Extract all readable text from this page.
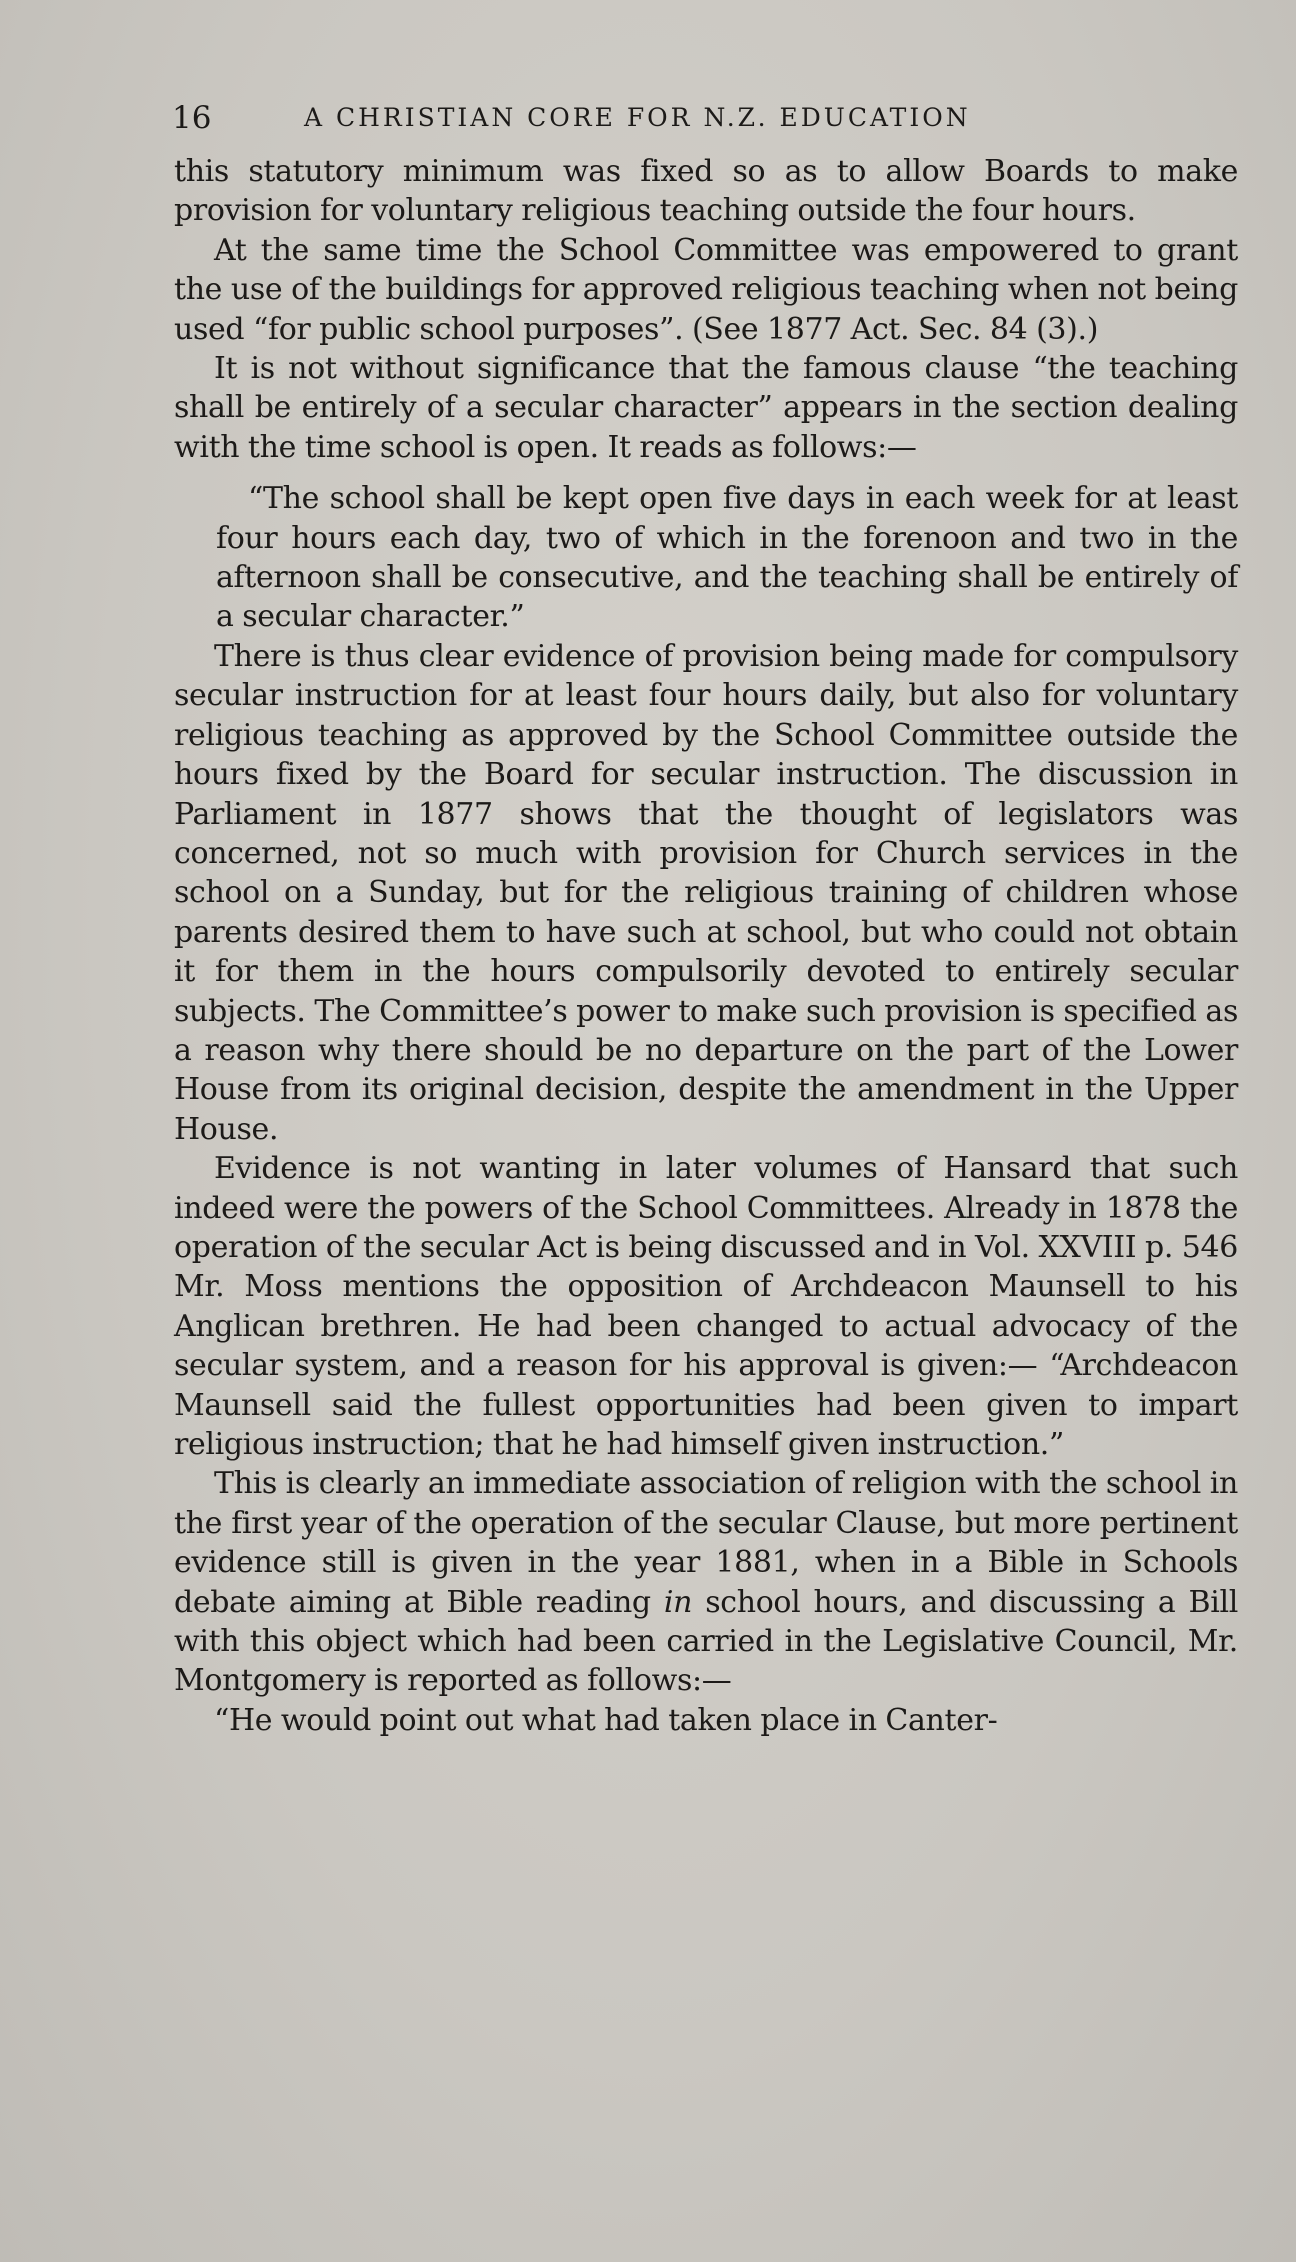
16	A CHRISTIAN CORE FOR N.Z. EDUCATION

this statutory minimum was fixed so as to allow Boards to make provision for voluntary religious teaching outside the four hours.

At the same time the School Committee was empowered to grant the use of the buildings for approved religious teaching when not being used “for public school purposes”. (See 1877 Act. Sec. 84 (3).)

It is not without significance that the famous clause “the teaching shall be entirely of a secular character” appears in the section dealing with the time school is open. It reads as follows:—

“The school shall be kept open five days in each week for at least four hours each day, two of which in the forenoon and two in the afternoon shall be consecutive, and the teaching shall be entirely of a secular character.”

There is thus clear evidence of provision being made for compulsory secular instruction for at least four hours daily, but also for voluntary religious teaching as approved by the School Committee outside the hours fixed by the Board for secular instruction. The discussion in Parliament in 1877 shows that the thought of legislators was concerned, not so much with provision for Church services in the school on a Sunday, but for the religious training of children whose parents desired them to have such at school, but who could not obtain it for them in the hours compulsorily devoted to entirely secular subjects. The Committee’s power to make such provision is specified as a reason why there should be no departure on the part of the Lower House from its original decision, despite the amendment in the Upper House.

Evidence is not wanting in later volumes of Hansard that such indeed were the powers of the School Committees. Already in 1878 the operation of the secular Act is being discussed and in Vol. XXVIII p. 546 Mr. Moss mentions the opposition of Archdeacon Maunsell to his Anglican brethren. He had been changed to actual advocacy of the secular system, and a reason for his approval is given:— “Archdeacon Maunsell said the fullest opportunities had been given to impart religious instruction; that he had himself given instruction.”

This is clearly an immediate association of religion with the school in the first year of the operation of the secular Clause, but more pertinent evidence still is given in the year 1881, when in a Bible in Schools debate aiming at Bible reading in school hours, and discussing a Bill with this object which had been carried in the Legislative Council, Mr. Montgomery is reported as follows:—

“He would point out what had taken place in Canter-
